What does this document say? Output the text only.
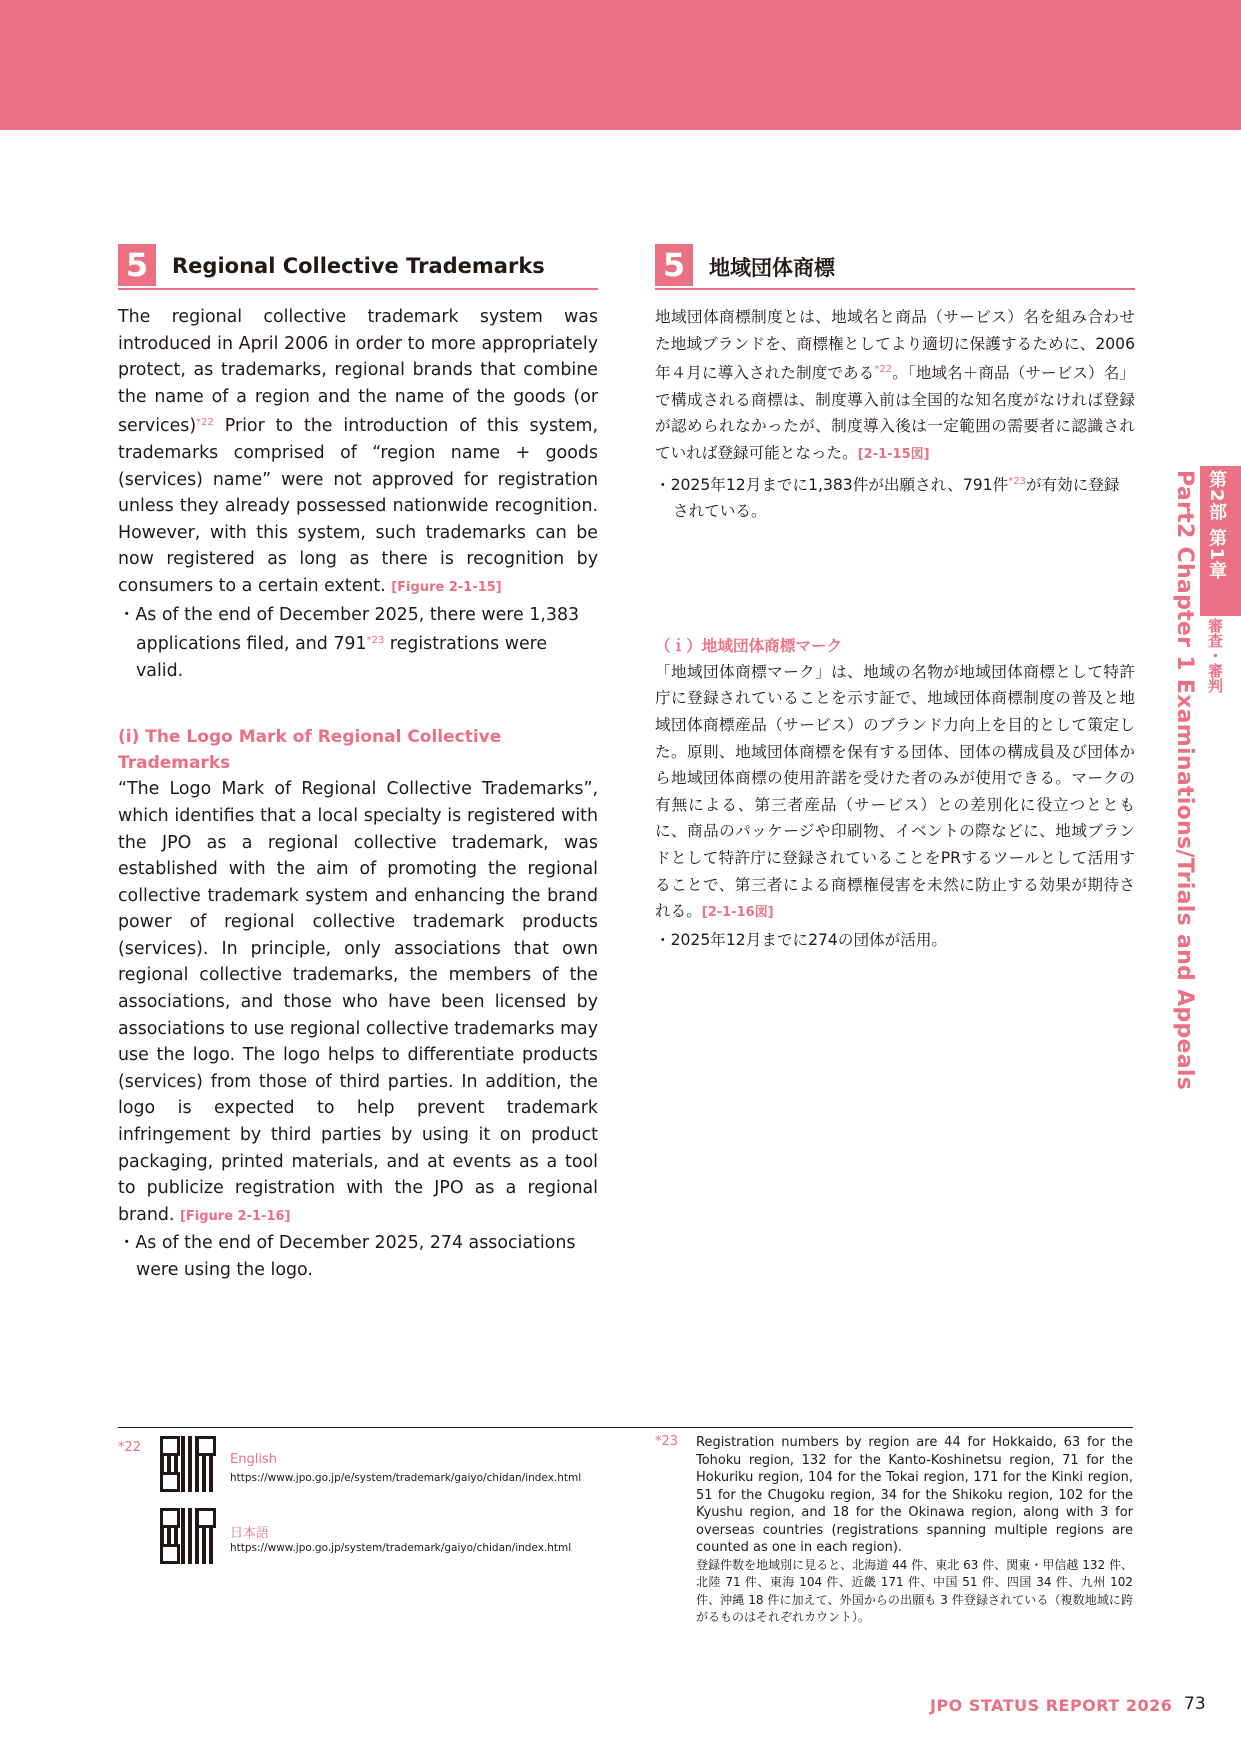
5	Regional Collective Trademarks

The regional collective trademark system was introduced in April 2006 in order to more appropriately protect, as trademarks, regional brands that combine the name of a region and the name of the goods (or services)$^{*22}$ Prior to the introduction of this system, trademarks comprised of “region name + goods (services) name” were not approved for registration unless they already possessed nationwide recognition. However, with this system, such trademarks can be now registered as long as there is recognition by consumers to a certain extent. [Figure 2-1-15]

・As of the end of December 2025, there were 1,383 applications filed, and 791$^{*23}$ registrations were valid.

(i) The Logo Mark of Regional Collective Trademarks

“The Logo Mark of Regional Collective Trademarks”, which identifies that a local specialty is registered with the JPO as a regional collective trademark, was established with the aim of promoting the regional collective trademark system and enhancing the brand power of regional collective trademark products (services). In principle, only associations that own regional collective trademarks, the members of the associations, and those who have been licensed by associations to use regional collective trademarks may use the logo. The logo helps to differentiate products (services) from those of third parties. In addition, the logo is expected to help prevent trademark infringement by third parties by using it on product packaging, printed materials, and at events as a tool to publicize registration with the JPO as a regional brand. [Figure 2-1-16]

・As of the end of December 2025, 274 associations were using the logo.

5	地域団体商標

地域団体商標制度とは、地域名と商品（サービス）名を組み合わせた地域ブランドを、商標権としてより適切に保護するために、2006年４月に導入された制度である$^{*22}$。「地域名＋商品（サービス）名」で構成される商標は、制度導入前は全国的な知名度がなければ登録が認められなかったが、制度導入後は一定範囲の需要者に認識されていれば登録可能となった。[2-1-15図]

・2025年12月までに1,383件が出願され、791件$^{*23}$が有効に登録されている。

（ｉ）地域団体商標マーク

「地域団体商標マーク」は、地域の名物が地域団体商標として特許庁に登録されていることを示す証で、地域団体商標制度の普及と地域団体商標産品（サービス）のブランド力向上を目的として策定した。原則、地域団体商標を保有する団体、団体の構成員及び団体から地域団体商標の使用許諾を受けた者のみが使用できる。マークの有無による、第三者産品（サービス）との差別化に役立つとともに、商品のパッケージや印刷物、イベントの際などに、地域ブランドとして特許庁に登録されていることをPRするツールとして活用することで、第三者による商標権侵害を未然に防止する効果が期待される。[2-1-16図]

・2025年12月までに274の団体が活用。

第2部 第1章
審査・審判
Part2 Chapter 1 Examinations/Trials and Appeals
*22
English
https://www.jpo.go.jp/e/system/trademark/gaiyo/chidan/index.html
日本語
https://www.jpo.go.jp/system/trademark/gaiyo/chidan/index.html
*23 Registration numbers by region are 44 for Hokkaido, 63 for the Tohoku region, 132 for the Kanto-Koshinetsu region, 71 for the Hokuriku region, 104 for the Tokai region, 171 for the Kinki region, 51 for the Chugoku region, 34 for the Shikoku region, 102 for the Kyushu region, and 18 for the Okinawa region, along with 3 for overseas countries (registrations spanning multiple regions are counted as one in each region).

登録件数を地域別に見ると、北海道 44 件、東北 63 件、関東・甲信越 132 件、北陸 71 件、東海 104 件、近畿 171 件、中国 51 件、四国 34 件、九州 102 件、沖縄 18 件に加えて、外国からの出願も 3 件登録されている（複数地域に跨がるものはそれぞれカウント）。

JPO STATUS REPORT 2026 73
